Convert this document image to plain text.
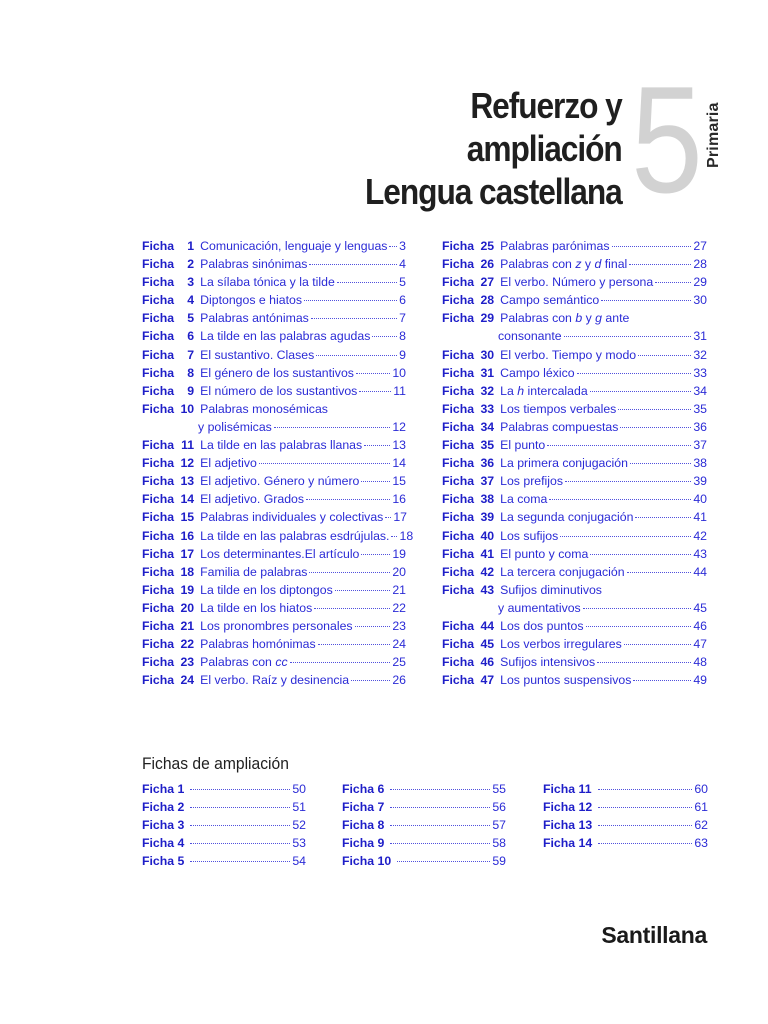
Refuerzo y
ampliación
Lengua castellana 5 Primaria
Ficha 1 Comunicación, lenguaje y lenguas 3
Ficha 2 Palabras sinónimas	4
Ficha 3 La sílaba tónica y la tilde	5
Ficha 4 Diptongos e hiatos	6
Ficha 5 Palabras antónimas	7
Ficha 6 La tilde en las palabras agudas 8
Ficha 7 El sustantivo. Clases	9
Ficha 8 El género de los sustantivos	10
Ficha 9 El número de los sustantivos	11
Ficha 10 Palabras monosémicas
y polisémicas	12
Ficha 11 La tilde en las palabras llanas 13
Ficha 12 El adjetivo	14
Ficha 13 El adjetivo. Género y número	15
Ficha 14 El adjetivo. Grados	16
Ficha 15 Palabras individuales y colectivas 17
Ficha 16 La tilde en las palabras esdrújulas. 18
Ficha 17 Los determinantes.El artículo	19
Ficha 18 Familia de palabras	20
Ficha 19 La tilde en los diptongos	21
Ficha 20 La tilde en los hiatos	22
Ficha 21 Los pronombres personales	23
Ficha 22 Palabras homónimas	24
Ficha 23 Palabras con cc	25
Ficha 24 El verbo. Raíz y desinencia	26
Ficha 25 Palabras parónimas	27
Ficha 26 Palabras con z y d final	28
Ficha 27 El verbo. Número y persona	29
Ficha 28 Campo semántico	30
Ficha 29 Palabras con b y g ante
consonante	31
Ficha 30 El verbo. Tiempo y modo	32
Ficha 31 Campo léxico	33
Ficha 32 La h intercalada	34
Ficha 33 Los tiempos verbales	35
Ficha 34 Palabras compuestas	36
Ficha 35 El punto	37
Ficha 36 La primera conjugación	38
Ficha 37 Los prefijos	39
Ficha 38 La coma	40
Ficha 39 La segunda conjugación	41
Ficha 40 Los sufijos	42
Ficha 41 El punto y coma	43
Ficha 42 La tercera conjugación	44
Ficha 43 Sufijos diminutivos
y aumentativos	45
Ficha 44 Los dos puntos	46
Ficha 45 Los verbos irregulares	47
Ficha 46 Sufijos intensivos	48
Ficha 47 Los puntos suspensivos	49
Fichas de ampliación
Ficha 1	50
Ficha 2	51
Ficha 3	52
Ficha 4	53
Ficha 5	54
Ficha 6	55
Ficha 7	56
Ficha 8	57
Ficha 9	58
Ficha 10	59
Ficha 11	60
Ficha 12	61
Ficha 13	62
Ficha 14	63
Santillana
